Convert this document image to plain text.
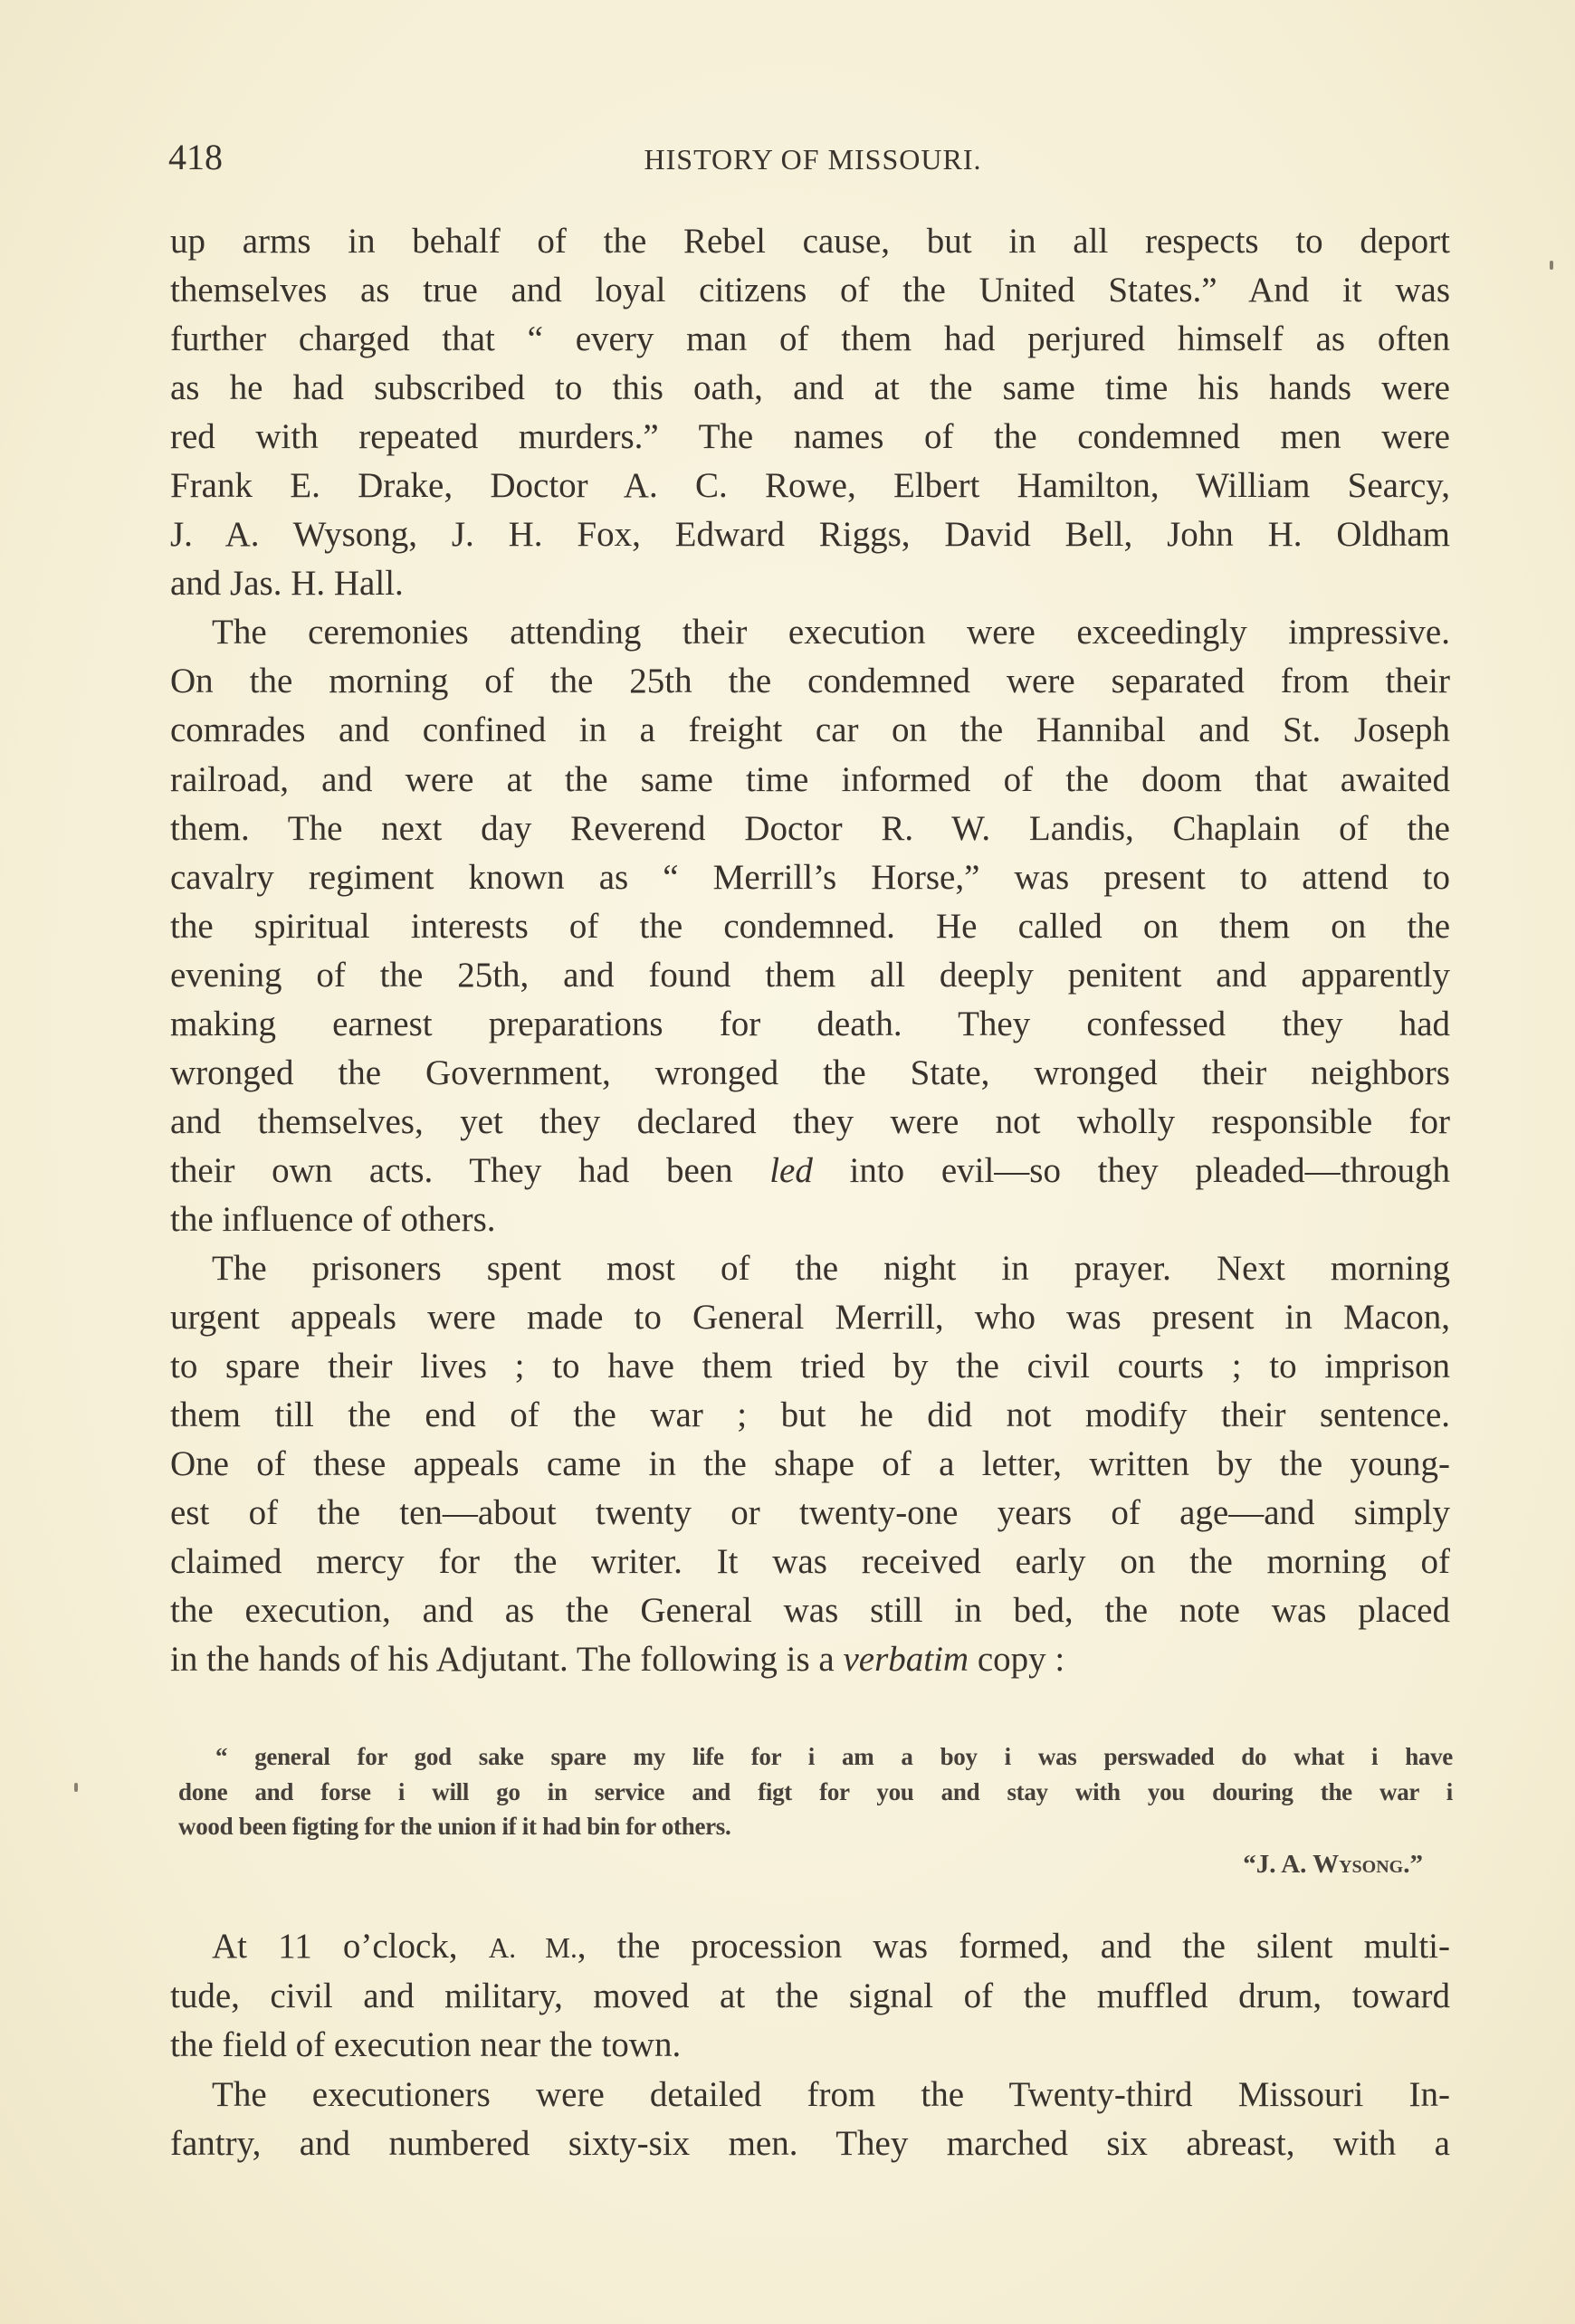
418	HISTORY OF MISSOURI.
up arms in behalf of the Rebel cause, but in all respects to deport
themselves as true and loyal citizens of the United States.” And it was
further charged that “ every man of them had perjured himself as often
as he had subscribed to this oath, and at the same time his hands were
red with repeated murders.” The names of the condemned men were
Frank E. Drake, Doctor A. C. Rowe, Elbert Hamilton, William Searcy,
J. A. Wysong, J. H. Fox, Edward Riggs, David Bell, John H. Oldham
and Jas. H. Hall.
The ceremonies attending their execution were exceedingly impressive.
On the morning of the 25th the condemned were separated from their
comrades and confined in a freight car on the Hannibal and St. Joseph
railroad, and were at the same time informed of the doom that awaited
them. The next day Reverend Doctor R. W. Landis, Chaplain of the
cavalry regiment known as “ Merrill’s Horse,” was present to attend to
the spiritual interests of the condemned. He called on them on the
evening of the 25th, and found them all deeply penitent and apparently
making earnest preparations for death. They confessed they had
wronged the Government, wronged the State, wronged their neighbors
and themselves, yet they declared they were not wholly responsible for
their own acts. They had been led into evil—so they pleaded—through
the influence of others.
The prisoners spent most of the night in prayer. Next morning
urgent appeals were made to General Merrill, who was present in Macon,
to spare their lives ; to have them tried by the civil courts ; to imprison
them till the end of the war ; but he did not modify their sentence.
One of these appeals came in the shape of a letter, written by the young-
est of the ten—about twenty or twenty-one years of age—and simply
claimed mercy for the writer. It was received early on the morning of
the execution, and as the General was still in bed, the note was placed
in the hands of his Adjutant. The following is a verbatim copy :
“ general for god sake spare my life for i am a boy i was perswaded do what i have
done and forse i will go in service and figt for you and stay with you douring the war i
wood been figting for the union if it had bin for others.
“J. A. Wysong.”
At 11 o’clock, A. M., the procession was formed, and the silent multi-
tude, civil and military, moved at the signal of the muffled drum, toward
the field of execution near the town.
The executioners were detailed from the Twenty-third Missouri In-
fantry, and numbered sixty-six men. They marched six abreast, with a
